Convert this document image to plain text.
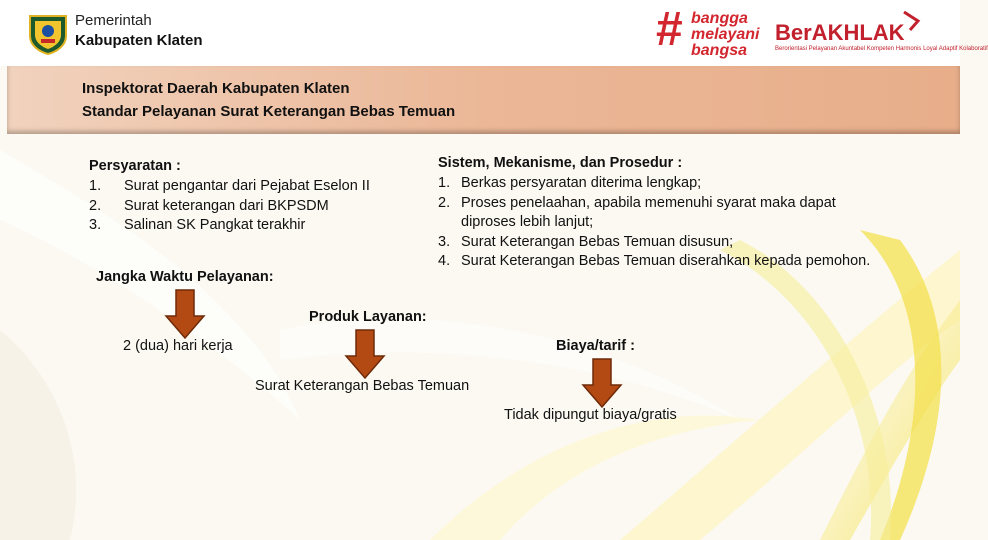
Pemerintah
Kabupaten Klaten	# bangga
melayani
bangsa
BerAKHLAK
Berorientasi Pelayanan Akuntabel Kompeten Harmonis Loyal Adaptif Kolaboratif
Inspektorat Daerah Kabupaten Klaten
Standar Pelayanan Surat Keterangan Bebas Temuan
Persyaratan :
1. Surat pengantar dari Pejabat Eselon II
2. Surat keterangan dari BKPSDM
3. Salinan SK Pangkat terakhir
Sistem, Mekanisme, dan Prosedur :
1. Berkas persyaratan diterima lengkap;
2. Proses penelaahan, apabila memenuhi syarat maka dapat diproses lebih lanjut;
3. Surat Keterangan Bebas Temuan disusun;
4. Surat Keterangan Bebas Temuan diserahkan kepada pemohon.
Jangka Waktu Pelayanan:
2 (dua) hari kerja
Produk Layanan:
Surat Keterangan Bebas Temuan
Biaya/tarif :
Tidak dipungut biaya/gratis
